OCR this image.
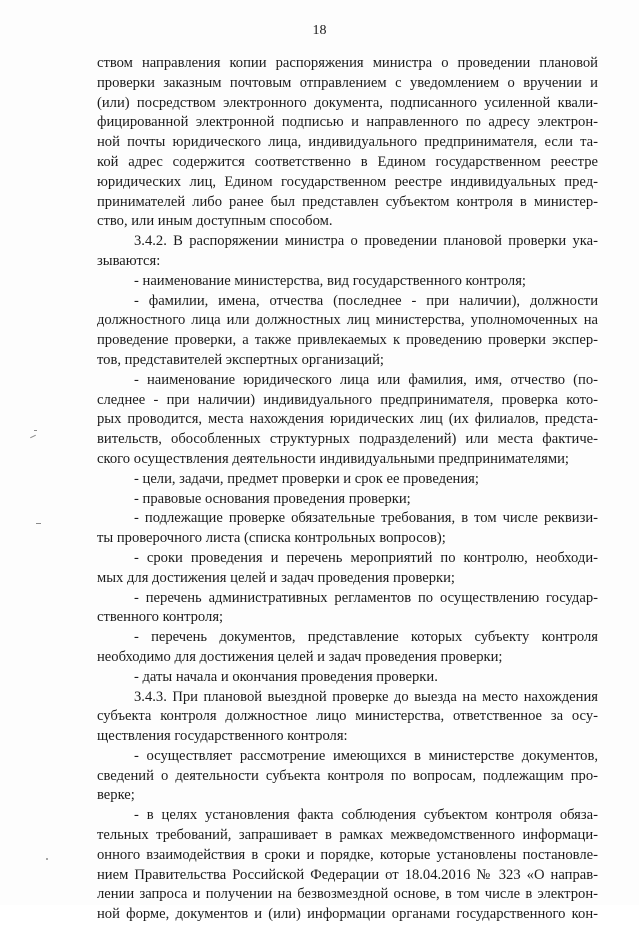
18
ством направления копии распоряжения министра о проведении плановой
проверки заказным почтовым отправлением с уведомлением о вручении и
(или) посредством электронного документа, подписанного усиленной квали-
фицированной электронной подписью и направленного по адресу электрон-
ной почты юридического лица, индивидуального предпринимателя, если та-
кой адрес содержится соответственно в Едином государственном реестре
юридических лиц, Едином государственном реестре индивидуальных пред-
принимателей либо ранее был представлен субъектом контроля в министер-
ство, или иным доступным способом.
3.4.2. В распоряжении министра о проведении плановой проверки ука-
зываются:
- наименование министерства, вид государственного контроля;
- фамилии, имена, отчества (последнее - при наличии), должности
должностного лица или должностных лиц министерства, уполномоченных на
проведение проверки, а также привлекаемых к проведению проверки экспер-
тов, представителей экспертных организаций;
- наименование юридического лица или фамилия, имя, отчество (по-
следнее - при наличии) индивидуального предпринимателя, проверка кото-
рых проводится, места нахождения юридических лиц (их филиалов, предста-
вительств, обособленных структурных подразделений) или места фактиче-
ского осуществления деятельности индивидуальными предпринимателями;
- цели, задачи, предмет проверки и срок ее проведения;
- правовые основания проведения проверки;
- подлежащие проверке обязательные требования, в том числе реквизи-
ты проверочного листа (списка контрольных вопросов);
- сроки проведения и перечень мероприятий по контролю, необходи-
мых для достижения целей и задач проведения проверки;
- перечень административных регламентов по осуществлению государ-
ственного контроля;
- перечень документов, представление которых субъекту контроля
необходимо для достижения целей и задач проведения проверки;
- даты начала и окончания проведения проверки.
3.4.3. При плановой выездной проверке до выезда на место нахождения
субъекта контроля должностное лицо министерства, ответственное за осу-
ществления государственного контроля:
- осуществляет рассмотрение имеющихся в министерстве документов,
сведений о деятельности субъекта контроля по вопросам, подлежащим про-
верке;
- в целях установления факта соблюдения субъектом контроля обяза-
тельных требований, запрашивает в рамках межведомственного информаци-
онного взаимодействия в сроки и порядке, которые установлены постановле-
нием Правительства Российской Федерации от 18.04.2016 № 323 «О направ-
лении запроса и получении на безвозмездной основе, в том числе в электрон-
ной форме, документов и (или) информации органами государственного кон-
